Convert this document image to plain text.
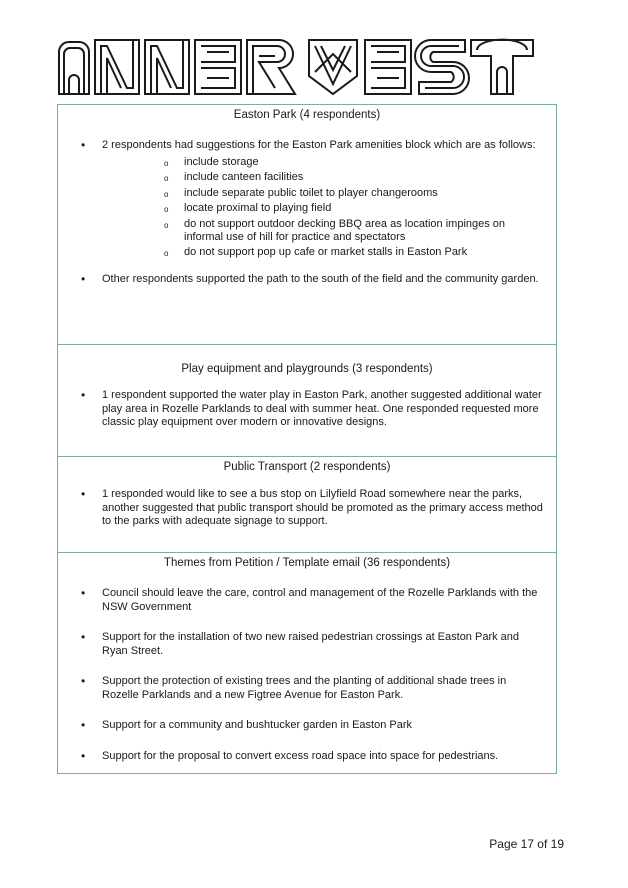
Easton Park (4 respondents)
• 2 respondents had suggestions for the Easton Park amenities block which are as follows:
o include storage
o include canteen facilities
o include separate public toilet to player changerooms
o locate proximal to playing field
o do not support outdoor decking BBQ area as location impinges on informal use of hill for practice and spectators
o do not support pop up cafe or market stalls in Easton Park
• Other respondents supported the path to the south of the field and the community garden.
Play equipment and playgrounds (3 respondents)
• 1 respondent supported the water play in Easton Park, another suggested additional water play area in Rozelle Parklands to deal with summer heat. One responded requested more classic play equipment over modern or innovative designs.
Public Transport (2 respondents)
• 1 responded would like to see a bus stop on Lilyfield Road somewhere near the parks, another suggested that public transport should be promoted as the primary access method to the parks with adequate signage to support.
Themes from Petition / Template email (36 respondents)
• Council should leave the care, control and management of the Rozelle Parklands with the NSW Government
• Support for the installation of two new raised pedestrian crossings at Easton Park and Ryan Street.
• Support the protection of existing trees and the planting of additional shade trees in Rozelle Parklands and a new Figtree Avenue for Easton Park.
• Support for a community and bushtucker garden in Easton Park
• Support for the proposal to convert excess road space into space for pedestrians.
Page 17 of 19
